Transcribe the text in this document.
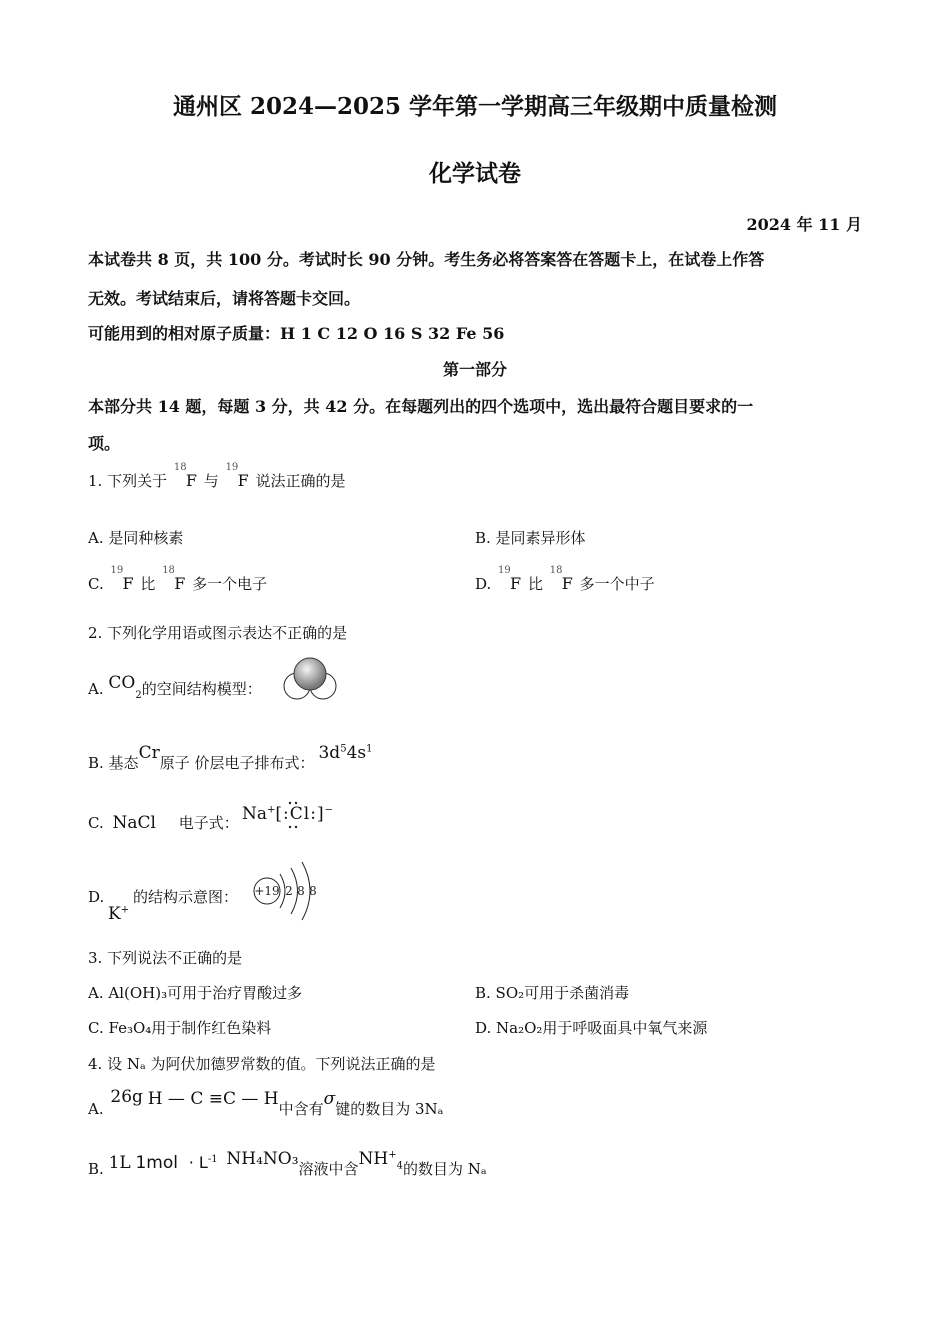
通州区 2024—2025 学年第一学期高三年级期中质量检测
化学试卷
2024 年 11 月
本试卷共 8 页，共 100 分。考试时长 90 分钟。考生务必将答案答在答题卡上，在试卷上作答
无效。考试结束后，请将答题卡交回。
可能用到的相对原子质量：H 1 C 12 O 16 S 32 Fe 56
第一部分
本部分共 14 题，每题 3 分，共 42 分。在每题列出的四个选项中，选出最符合题目要求的一
项。
1. 下列关于
18
F 与
19
F 说法正确的是
A. 是同种核素	B. 是同素异形体
C.
19
F 比
18
F 多一个电子	D.
19
F 比
18
F 多一个中子
2. 下列化学用语或图示表达不正确的是
A. $CO_2$的空间结构模型：
B. 基态Cr原子 价层电子排布式： $3d^54s^1$
C. NaCl 电子式： Na+[:Cl:]−
D. 的结构示意图：
K+
+19 2 8 8
3. 下列说法不正确的是
A. Al(OH)₃可用于治疗胃酸过多	B. SO₂可用于杀菌消毒
C. Fe₃O₄用于制作红色染料	D. Na₂O₂用于呼吸面具中氧气来源
4. 设 Nₐ 为阿伏加德罗常数的值。下列说法正确的是
A. 26g H — C ≡C — H中含有σ键的数目为 3Nₐ
B. 1L $1mol \cdot L^{-1}$ NH₄NO₃溶液中含$NH^+_4$的数目为 Nₐ
